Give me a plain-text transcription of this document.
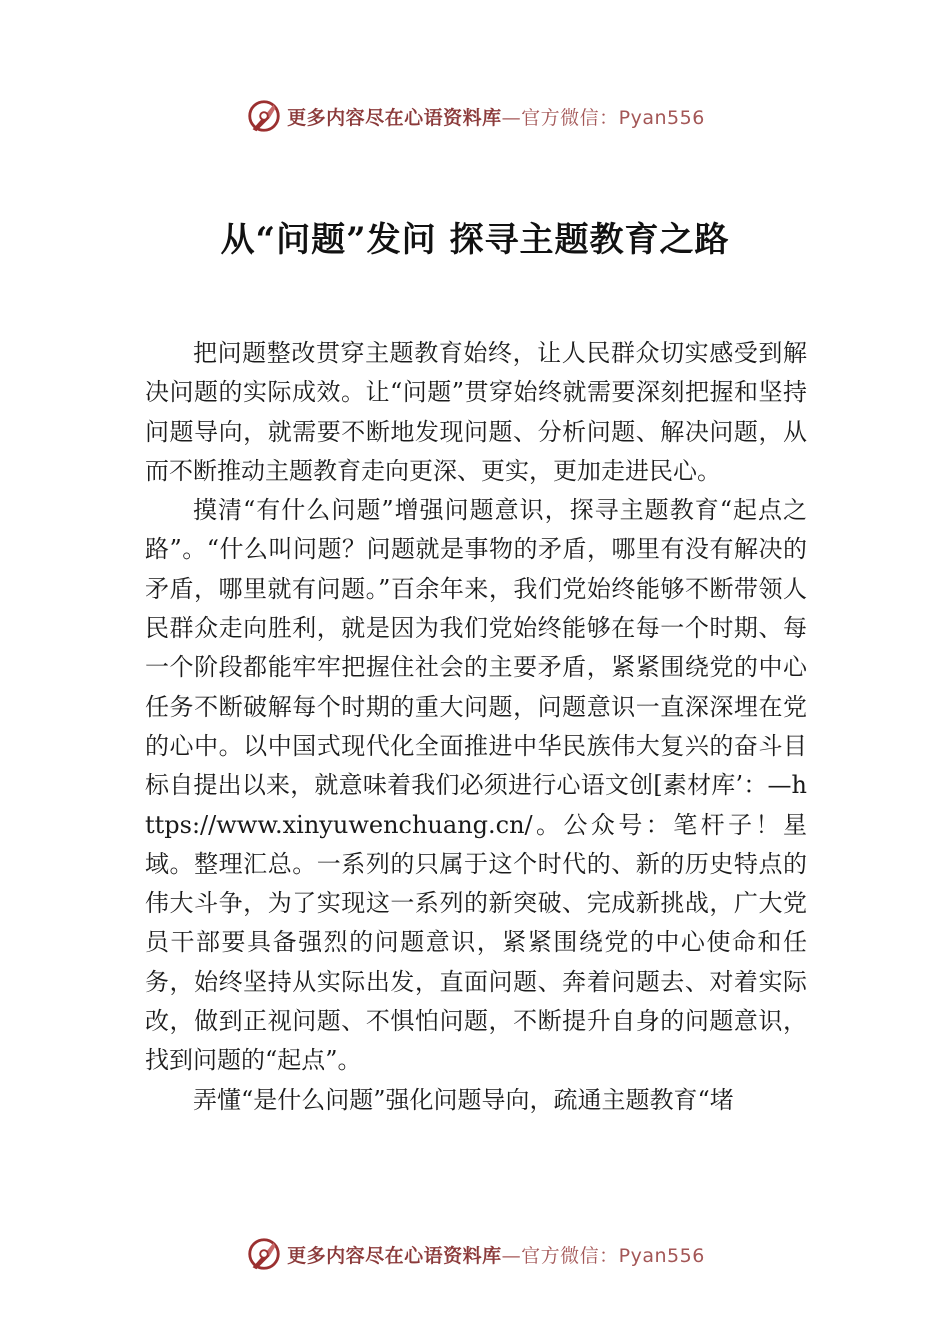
更多内容尽在心语资料库—官方微信：Pyan556
从“问题”发问 探寻主题教育之路

把问题整改贯穿主题教育始终，让人民群众切实感受到解决问题的实际成效。让“问题”贯穿始终就需要深刻把握和坚持问题导向，就需要不断地发现问题、分析问题、解决问题，从而不断推动主题教育走向更深、更实，更加走进民心。

摸清“有什么问题”增强问题意识，探寻主题教育“起点之路”。“什么叫问题？问题就是事物的矛盾，哪里有没有解决的矛盾，哪里就有问题。”百余年来，我们党始终能够不断带领人民群众走向胜利，就是因为我们党始终能够在每一个时期、每一个阶段都能牢牢把握住社会的主要矛盾，紧紧围绕党的中心任务不断破解每个时期的重大问题，问题意识一直深深埋在党的心中。以中国式现代化全面推进中华民族伟大复兴的奋斗目标自提出以来，就意味着我们必须进行心语文创[素材库’：—https://www.xinyuwenchuang.cn/。公众号：笔杆子！星域。整理汇总。一系列的只属于这个时代的、新的历史特点的伟大斗争，为了实现这一系列的新突破、完成新挑战，广大党员干部要具备强烈的问题意识，紧紧围绕党的中心使命和任务，始终坚持从实际出发，直面问题、奔着问题去、对着实际改，做到正视问题、不惧怕问题，不断提升自身的问题意识，找到问题的“起点”。

弄懂“是什么问题”强化问题导向，疏通主题教育“堵

更多内容尽在心语资料库—官方微信：Pyan556
